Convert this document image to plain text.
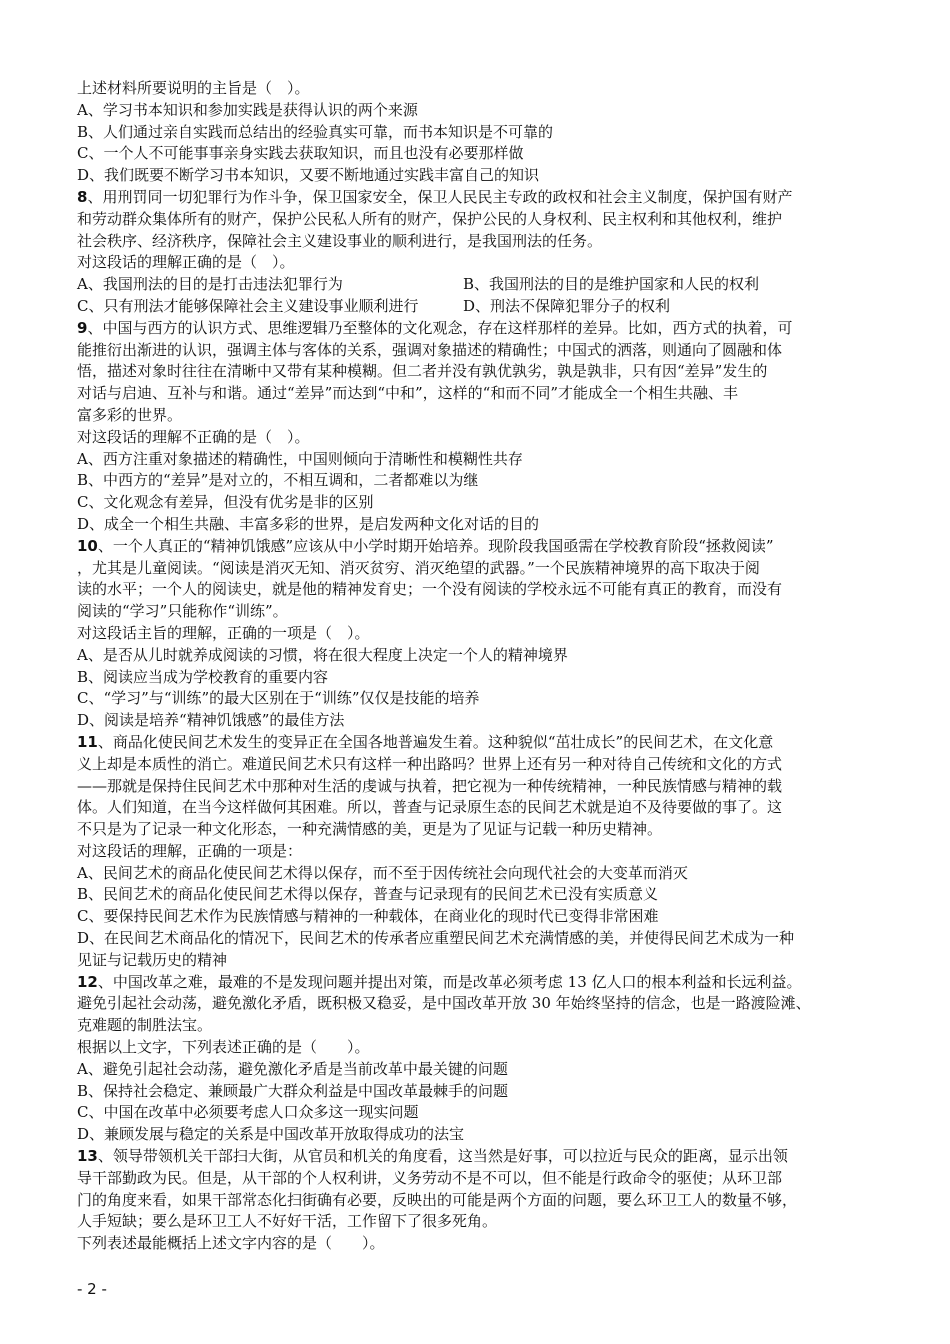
上述材料所要说明的主旨是（　）。
A、学习书本知识和参加实践是获得认识的两个来源
B、人们通过亲自实践而总结出的经验真实可靠，而书本知识是不可靠的
C、一个人不可能事事亲身实践去获取知识，而且也没有必要那样做
D、我们既要不断学习书本知识，又要不断地通过实践丰富自己的知识
8、用刑罚同一切犯罪行为作斗争，保卫国家安全，保卫人民民主专政的政权和社会主义制度，保护国有财产
和劳动群众集体所有的财产，保护公民私人所有的财产，保护公民的人身权利、民主权利和其他权利，维护
社会秩序、经济秩序，保障社会主义建设事业的顺利进行，是我国刑法的任务。
对这段话的理解正确的是（　）。
A、我国刑法的目的是打击违法犯罪行为	B、我国刑法的目的是维护国家和人民的权利
C、只有刑法才能够保障社会主义建设事业顺利进行	D、刑法不保障犯罪分子的权利
9、中国与西方的认识方式、思维逻辑乃至整体的文化观念，存在这样那样的差异。比如，西方式的执着，可
能推衍出渐进的认识，强调主体与客体的关系，强调对象描述的精确性；中国式的洒落，则通向了圆融和体
悟，描述对象时往往在清晰中又带有某种模糊。但二者并没有孰优孰劣，孰是孰非，只有因“差异”发生的
对话与启迪、互补与和谐。通过“差异”而达到“中和”，这样的“和而不同”才能成全一个相生共融、丰
富多彩的世界。
对这段话的理解不正确的是（　）。
A、西方注重对象描述的精确性，中国则倾向于清晰性和模糊性共存
B、中西方的“差异”是对立的，不相互调和，二者都难以为继
C、文化观念有差异，但没有优劣是非的区别
D、成全一个相生共融、丰富多彩的世界，是启发两种文化对话的目的
10、一个人真正的“精神饥饿感”应该从中小学时期开始培养。现阶段我国亟需在学校教育阶段“拯救阅读”
，尤其是儿童阅读。“阅读是消灭无知、消灭贫穷、消灭绝望的武器。”一个民族精神境界的高下取决于阅
读的水平；一个人的阅读史，就是他的精神发育史；一个没有阅读的学校永远不可能有真正的教育，而没有
阅读的“学习”只能称作“训练”。
对这段话主旨的理解，正确的一项是（　）。
A、是否从儿时就养成阅读的习惯，将在很大程度上决定一个人的精神境界
B、阅读应当成为学校教育的重要内容
C、“学习”与“训练”的最大区别在于“训练”仅仅是技能的培养
D、阅读是培养“精神饥饿感”的最佳方法
11、商品化使民间艺术发生的变异正在全国各地普遍发生着。这种貌似“茁壮成长”的民间艺术，在文化意
义上却是本质性的消亡。难道民间艺术只有这样一种出路吗？世界上还有另一种对待自己传统和文化的方式
——那就是保持住民间艺术中那种对生活的虔诚与执着，把它视为一种传统精神，一种民族情感与精神的载
体。人们知道，在当今这样做何其困难。所以，普查与记录原生态的民间艺术就是迫不及待要做的事了。这
不只是为了记录一种文化形态，一种充满情感的美，更是为了见证与记载一种历史精神。
对这段话的理解，正确的一项是：
A、民间艺术的商品化使民间艺术得以保存，而不至于因传统社会向现代社会的大变革而消灭
B、民间艺术的商品化使民间艺术得以保存，普查与记录现有的民间艺术已没有实质意义
C、要保持民间艺术作为民族情感与精神的一种载体，在商业化的现时代已变得非常困难
D、在民间艺术商品化的情况下，民间艺术的传承者应重塑民间艺术充满情感的美，并使得民间艺术成为一种
见证与记载历史的精神
12、中国改革之难，最难的不是发现问题并提出对策，而是改革必须考虑 13 亿人口的根本利益和长远利益。
避免引起社会动荡，避免激化矛盾，既积极又稳妥，是中国改革开放 30 年始终坚持的信念，也是一路渡险滩、
克难题的制胜法宝。
根据以上文字，下列表述正确的是（　　）。
A、避免引起社会动荡，避免激化矛盾是当前改革中最关键的问题
B、保持社会稳定、兼顾最广大群众利益是中国改革最棘手的问题
C、中国在改革中必须要考虑人口众多这一现实问题
D、兼顾发展与稳定的关系是中国改革开放取得成功的法宝
13、领导带领机关干部扫大街，从官员和机关的角度看，这当然是好事，可以拉近与民众的距离，显示出领
导干部勤政为民。但是，从干部的个人权利讲，义务劳动不是不可以，但不能是行政命令的驱使；从环卫部
门的角度来看，如果干部常态化扫街确有必要，反映出的可能是两个方面的问题，要么环卫工人的数量不够，
人手短缺；要么是环卫工人不好好干活，工作留下了很多死角。
下列表述最能概括上述文字内容的是（　　）。
- 2 -
